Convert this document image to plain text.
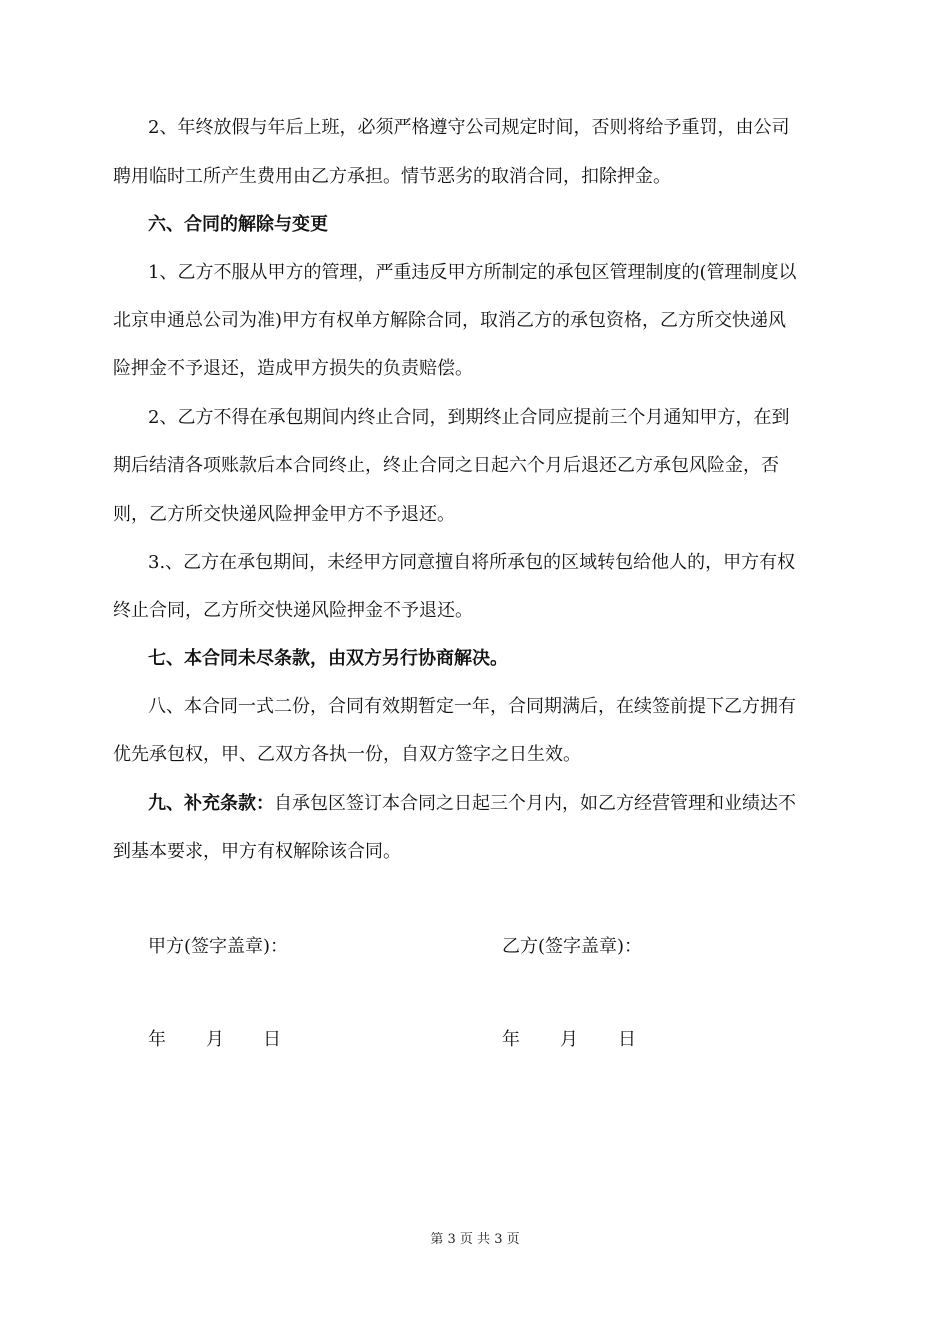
2、年终放假与年后上班，必须严格遵守公司规定时间，否则将给予重罚，由公司
聘用临时工所产生费用由乙方承担。情节恶劣的取消合同，扣除押金。
六、合同的解除与变更
1、乙方不服从甲方的管理，严重违反甲方所制定的承包区管理制度的(管理制度以
北京申通总公司为准)甲方有权单方解除合同，取消乙方的承包资格，乙方所交快递风
险押金不予退还，造成甲方损失的负责赔偿。
2、乙方不得在承包期间内终止合同，到期终止合同应提前三个月通知甲方，在到
期后结清各项账款后本合同终止，终止合同之日起六个月后退还乙方承包风险金，否
则，乙方所交快递风险押金甲方不予退还。
3.、乙方在承包期间，未经甲方同意擅自将所承包的区域转包给他人的，甲方有权
终止合同，乙方所交快递风险押金不予退还。
七、本合同未尽条款，由双方另行协商解决。
八、本合同一式二份，合同有效期暂定一年，合同期满后，在续签前提下乙方拥有
优先承包权，甲、乙双方各执一份，自双方签字之日生效。
九、补充条款：自承包区签订本合同之日起三个月内，如乙方经营管理和业绩达不
到基本要求，甲方有权解除该合同。
甲方(签字盖章)：	乙方(签字盖章)：
年 月 日	年 月 日
第 3 页 共 3 页
